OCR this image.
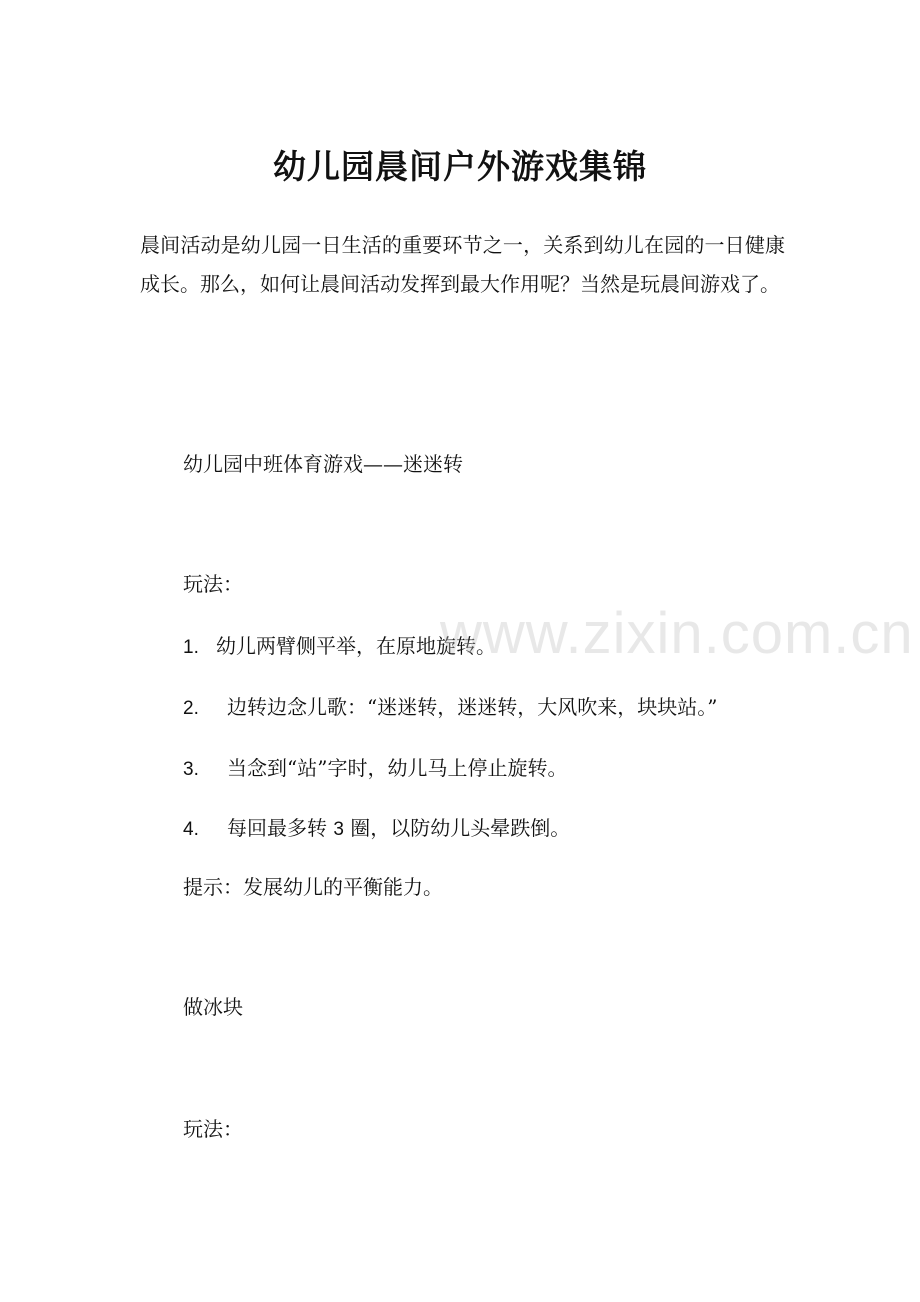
幼儿园晨间户外游戏集锦
晨间活动是幼儿园一日生活的重要环节之一，关系到幼儿在园的一日健康成长。那么，如何让晨间活动发挥到最大作用呢？当然是玩晨间游戏了。
幼儿园中班体育游戏——迷迷转
玩法：
1. 幼儿两臂侧平举，在原地旋转。
2. 边转边念儿歌：“迷迷转，迷迷转，大风吹来，块块站。”
3. 当念到“站”字时，幼儿马上停止旋转。
4. 每回最多转 3 圈，以防幼儿头晕跌倒。
提示：发展幼儿的平衡能力。
做冰块
玩法：
www.zixin.com.cn
